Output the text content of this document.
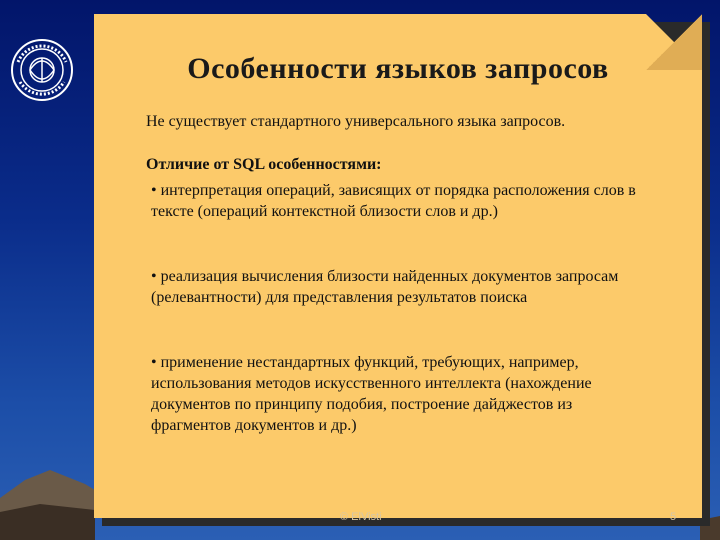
Особенности языков запросов
Не существует стандартного универсального языка запросов.
Отличие от SQL особенностями:
• интерпретация операций, зависящих от порядка расположения слов в тексте (операций контекстной близости слов и др.)
• реализация вычисления близости найденных документов запросам (релевантности) для представления результатов поиска
• применение нестандартных функций, требующих, например, использования методов искусственного интеллекта (нахождение документов по принципу подобия, построение дайджестов из фрагментов документов и др.)
© ElVisti	5
